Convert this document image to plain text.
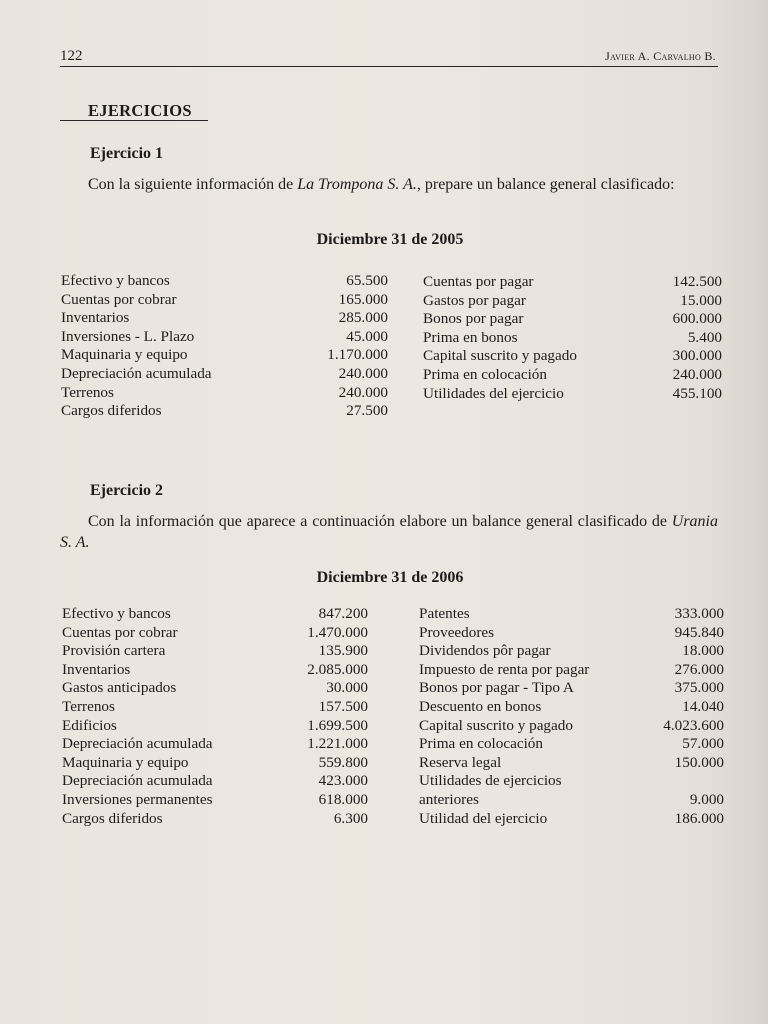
122	Javier A. Carvalho B.
EJERCICIOS
Ejercicio 1
Con la siguiente información de La Trompona S. A., prepare un balance general clasificado:
Diciembre 31 de 2005
Efectivo y bancos	65.500
Cuentas por cobrar	165.000
Inventarios	285.000
Inversiones - L. Plazo	45.000
Maquinaria y equipo	1.170.000
Depreciación acumulada	240.000
Terrenos	240.000
Cargos diferidos	27.500
Cuentas por pagar	142.500
Gastos por pagar	15.000
Bonos por pagar	600.000
Prima en bonos	5.400
Capital suscrito y pagado	300.000
Prima en colocación	240.000
Utilidades del ejercicio	455.100
Ejercicio 2
Con la información que aparece a continuación elabore un balance general clasificado de Urania S. A.
Diciembre 31 de 2006
Efectivo y bancos	847.200
Cuentas por cobrar	1.470.000
Provisión cartera	135.900
Inventarios	2.085.000
Gastos anticipados	30.000
Terrenos	157.500
Edificios	1.699.500
Depreciación acumulada	1.221.000
Maquinaria y equipo	559.800
Depreciación acumulada	423.000
Inversiones permanentes	618.000
Cargos diferidos	6.300
Patentes	333.000
Proveedores	945.840
Dividendos pôr pagar	18.000
Impuesto de renta por pagar	276.000
Bonos por pagar - Tipo A	375.000
Descuento en bonos	14.040
Capital suscrito y pagado	4.023.600
Prima en colocación	57.000
Reserva legal	150.000
Utilidades de ejercicios
anteriores	9.000
Utilidad del ejercicio	186.000
